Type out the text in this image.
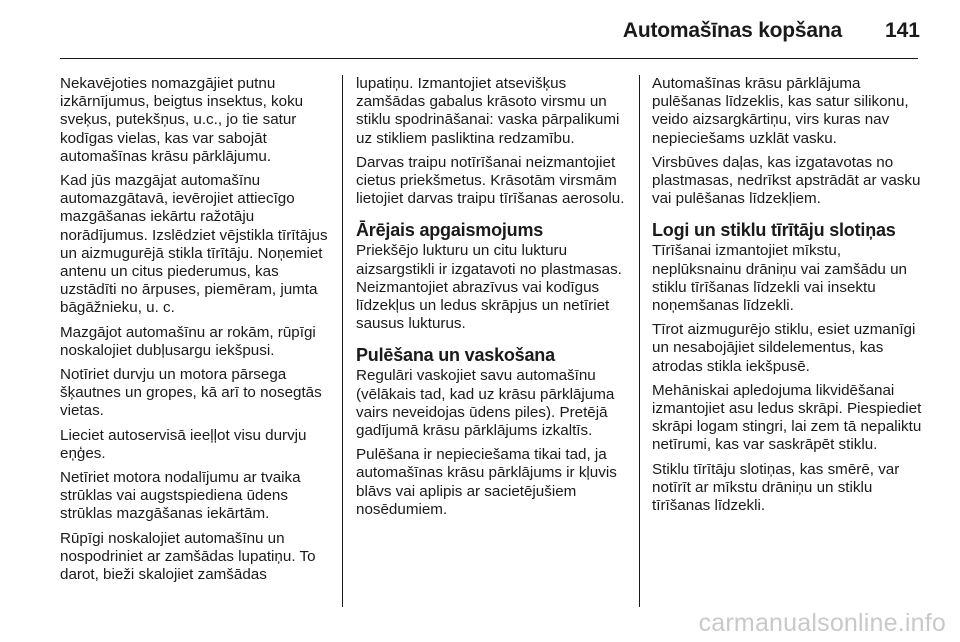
Automašīnas kopšana 141

Nekavējoties nomazgājiet putnu izkārnījumus, beigtus insektus, koku sveķus, putekšņus, u.c., jo tie satur kodīgas vielas, kas var sabojāt automašīnas krāsu pārklājumu.

Kad jūs mazgājat automašīnu automazgātavā, ievērojiet attiecīgo mazgāšanas iekārtu ražotāju norādījumus. Izslēdziet vējstikla tīrītājus un aizmugurējā stikla tīrītāju. Noņemiet antenu un citus piederumus, kas uzstādīti no ārpuses, piemēram, jumta bāgāžnieku, u. c.

Mazgājot automašīnu ar rokām, rūpīgi noskalojiet dubļusargu iekšpusi.

Notīriet durvju un motora pārsega šķautnes un gropes, kā arī to nosegtās vietas.

Lieciet autoservisā ieeļļot visu durvju eņģes.

Netīriet motora nodalījumu ar tvaika strūklas vai augstspiediena ūdens strūklas mazgāšanas iekārtām.

Rūpīgi noskalojiet automašīnu un nospodriniet ar zamšādas lupatiņu. To darot, bieži skalojiet zamšādas

lupatiņu. Izmantojiet atsevišķus zamšādas gabalus krāsoto virsmu un stiklu spodrināšanai: vaska pārpalikumi uz stikliem pasliktina redzamību.

Darvas traipu notīrīšanai neizmantojiet cietus priekšmetus. Krāsotām virsmām lietojiet darvas traipu tīrīšanas aerosolu.

Ārējais apgaismojums

Priekšējo lukturu un citu lukturu aizsargstikli ir izgatavoti no plastmasas. Neizmantojiet abrazīvus vai kodīgus līdzekļus un ledus skrāpjus un netīriet sausus lukturus.

Pulēšana un vaskošana

Regulāri vaskojiet savu automašīnu (vēlākais tad, kad uz krāsu pārklājuma vairs neveidojas ūdens piles). Pretējā gadījumā krāsu pārklājums izkaltīs.

Pulēšana ir nepieciešama tikai tad, ja automašīnas krāsu pārklājums ir kļuvis blāvs vai aplipis ar sacietējušiem nosēdumiem.

Automašīnas krāsu pārklājuma pulēšanas līdzeklis, kas satur silikonu, veido aizsargkārtiņu, virs kuras nav nepieciešams uzklāt vasku.

Virsbūves daļas, kas izgatavotas no plastmasas, nedrīkst apstrādāt ar vasku vai pulēšanas līdzekļiem.

Logi un stiklu tīrītāju slotiņas

Tīrīšanai izmantojiet mīkstu, neplūksnainu drāniņu vai zamšādu un stiklu tīrīšanas līdzekli vai insektu noņemšanas līdzekli.

Tīrot aizmugurējo stiklu, esiet uzmanīgi un nesabojājiet sildelementus, kas atrodas stikla iekšpusē.

Mehāniskai apledojuma likvidēšanai izmantojiet asu ledus skrāpi. Piespiediet skrāpi logam stingri, lai zem tā nepaliktu netīrumi, kas var saskrāpēt stiklu.

Stiklu tīrītāju slotiņas, kas smērē, var notīrīt ar mīkstu drāniņu un stiklu tīrīšanas līdzekli.

carmanualsonline.info
